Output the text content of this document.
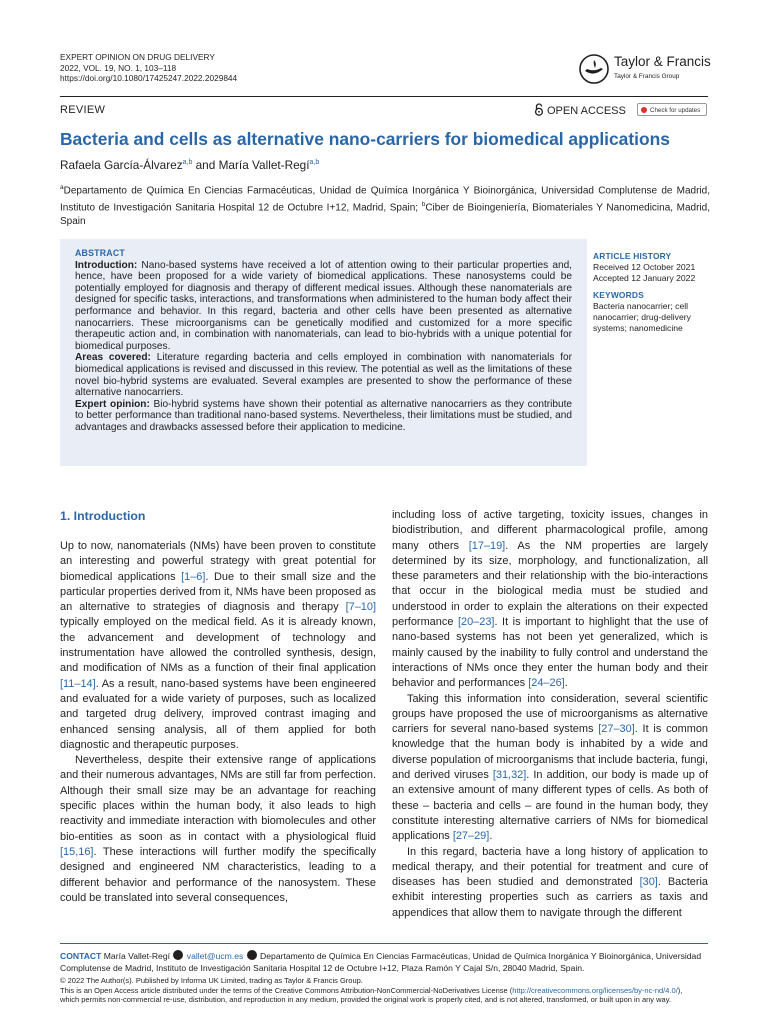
EXPERT OPINION ON DRUG DELIVERY
2022, VOL. 19, NO. 1, 103–118
https://doi.org/10.1080/17425247.2022.2029844
Taylor & Francis
Taylor & Francis Group
REVIEW	OPEN ACCESS	Check for updates
Bacteria and cells as alternative nano-carriers for biomedical applications
Rafaela García-Álvarez$^{a,b}$ and María Vallet-Regí$^{a,b}$
$^a$Departamento de Química En Ciencias Farmacéuticas, Unidad de Química Inorgánica Y Bioinorgánica, Universidad Complutense de Madrid, Instituto de Investigación Sanitaria Hospital 12 de Octubre I+12, Madrid, Spain; $^b$Ciber de Bioingeniería, Biomateriales Y Nanomedicina, Madrid, Spain
ABSTRACT
Introduction: Nano-based systems have received a lot of attention owing to their particular properties and, hence, have been proposed for a wide variety of biomedical applications. These nanosystems could be potentially employed for diagnosis and therapy of different medical issues. Although these nanomaterials are designed for specific tasks, interactions, and transformations when administered to the human body affect their performance and behavior. In this regard, bacteria and other cells have been presented as alternative nanocarriers. These microorganisms can be genetically modified and customized for a more specific therapeutic action and, in combination with nanomaterials, can lead to bio-hybrids with a unique potential for biomedical purposes.
Areas covered: Literature regarding bacteria and cells employed in combination with nanomaterials for biomedical applications is revised and discussed in this review. The potential as well as the limitations of these novel bio-hybrid systems are evaluated. Several examples are presented to show the performance of these alternative nanocarriers.
Expert opinion: Bio-hybrid systems have shown their potential as alternative nanocarriers as they contribute to better performance than traditional nano-based systems. Nevertheless, their limitations must be studied, and advantages and drawbacks assessed before their application to medicine.
ARTICLE HISTORY
Received 12 October 2021
Accepted 12 January 2022
KEYWORDS
Bacteria nanocarrier; cell nanocarrier; drug-delivery systems; nanomedicine
1. Introduction

Up to now, nanomaterials (NMs) have been proven to constitute an interesting and powerful strategy with great potential for biomedical applications [1–6]. Due to their small size and the particular properties derived from it, NMs have been proposed as an alternative to strategies of diagnosis and therapy [7–10] typically employed on the medical field. As it is already known, the advancement and development of technology and instrumentation have allowed the controlled synthesis, design, and modification of NMs as a function of their final application [11–14]. As a result, nano-based systems have been engineered and evaluated for a wide variety of purposes, such as localized and targeted drug delivery, improved contrast imaging and enhanced sensing analysis, all of them applied for both diagnostic and therapeutic purposes.

Nevertheless, despite their extensive range of applications and their numerous advantages, NMs are still far from perfection. Although their small size may be an advantage for reaching specific places within the human body, it also leads to high reactivity and immediate interaction with biomolecules and other bio-entities as soon as in contact with a physiological fluid [15,16]. These interactions will further modify the specifically designed and engineered NM characteristics, leading to a different behavior and performance of the nanosystem. These could be translated into several consequences,

including loss of active targeting, toxicity issues, changes in biodistribution, and different pharmacological profile, among many others [17–19]. As the NM properties are largely determined by its size, morphology, and functionalization, all these parameters and their relationship with the bio-interactions that occur in the biological media must be studied and understood in order to explain the alterations on their expected performance [20–23]. It is important to highlight that the use of nano-based systems has not been yet generalized, which is mainly caused by the inability to fully control and understand the interactions of NMs once they enter the human body and their behavior and performances [24–26].

Taking this information into consideration, several scientific groups have proposed the use of microorganisms as alternative carriers for several nano-based systems [27–30]. It is common knowledge that the human body is inhabited by a wide and diverse population of microorganisms that include bacteria, fungi, and derived viruses [31,32]. In addition, our body is made up of an extensive amount of many different types of cells. As both of these – bacteria and cells – are found in the human body, they constitute interesting alternative carriers of NMs for biomedical applications [27–29].

In this regard, bacteria have a long history of application to medical therapy, and their potential for treatment and cure of diseases has been studied and demonstrated [30]. Bacteria exhibit interesting properties such as carriers as taxis and appendices that allow them to navigate through the different

CONTACT María Vallet-Regí  vallet@ucm.es  Departamento de Química En Ciencias Farmacéuticas, Unidad de Química Inorgánica Y Bioinorgánica, Universidad Complutense de Madrid, Instituto de Investigación Sanitaria Hospital 12 de Octubre I+12, Plaza Ramón Y Cajal S/n, 28040 Madrid, Spain.
© 2022 The Author(s). Published by Informa UK Limited, trading as Taylor & Francis Group.
This is an Open Access article distributed under the terms of the Creative Commons Attribution-NonCommercial-NoDerivatives License (http://creativecommons.org/licenses/by-nc-nd/4.0/),
which permits non-commercial re-use, distribution, and reproduction in any medium, provided the original work is properly cited, and is not altered, transformed, or built upon in any way.
